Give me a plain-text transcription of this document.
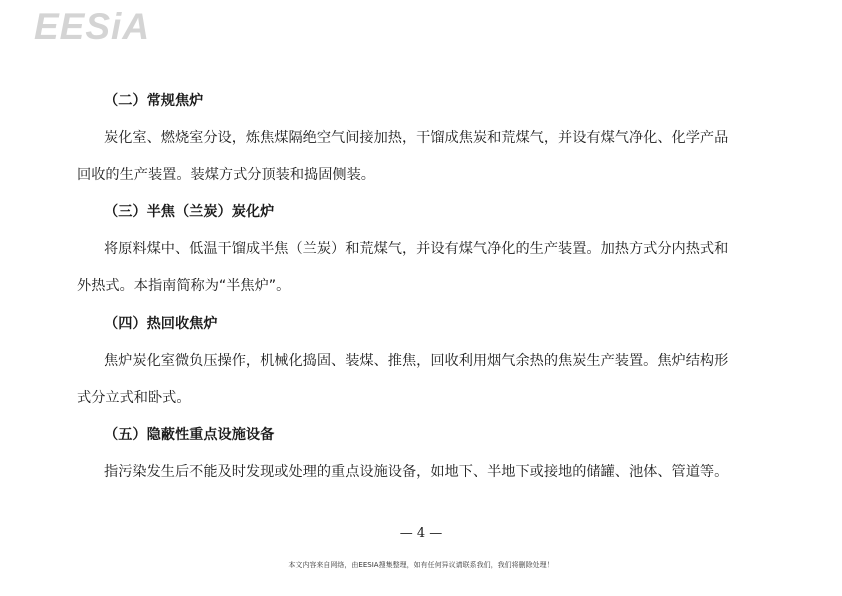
EESiA
（二）常规焦炉
炭化室、燃烧室分设，炼焦煤隔绝空气间接加热，干馏成焦炭和荒煤气，并设有煤气净化、化学产品
回收的生产装置。装煤方式分顶装和捣固侧装。
（三）半焦（兰炭）炭化炉
将原料煤中、低温干馏成半焦（兰炭）和荒煤气，并设有煤气净化的生产装置。加热方式分内热式和
外热式。本指南简称为“半焦炉”。
（四）热回收焦炉
焦炉炭化室微负压操作，机械化捣固、装煤、推焦，回收利用烟气余热的焦炭生产装置。焦炉结构形
式分立式和卧式。
（五）隐蔽性重点设施设备
指污染发生后不能及时发现或处理的重点设施设备，如地下、半地下或接地的储罐、池体、管道等。
— 4 —
本文内容来自网络，由EESIA搜集整理，如有任何异议请联系我们，我们将删除处理！
